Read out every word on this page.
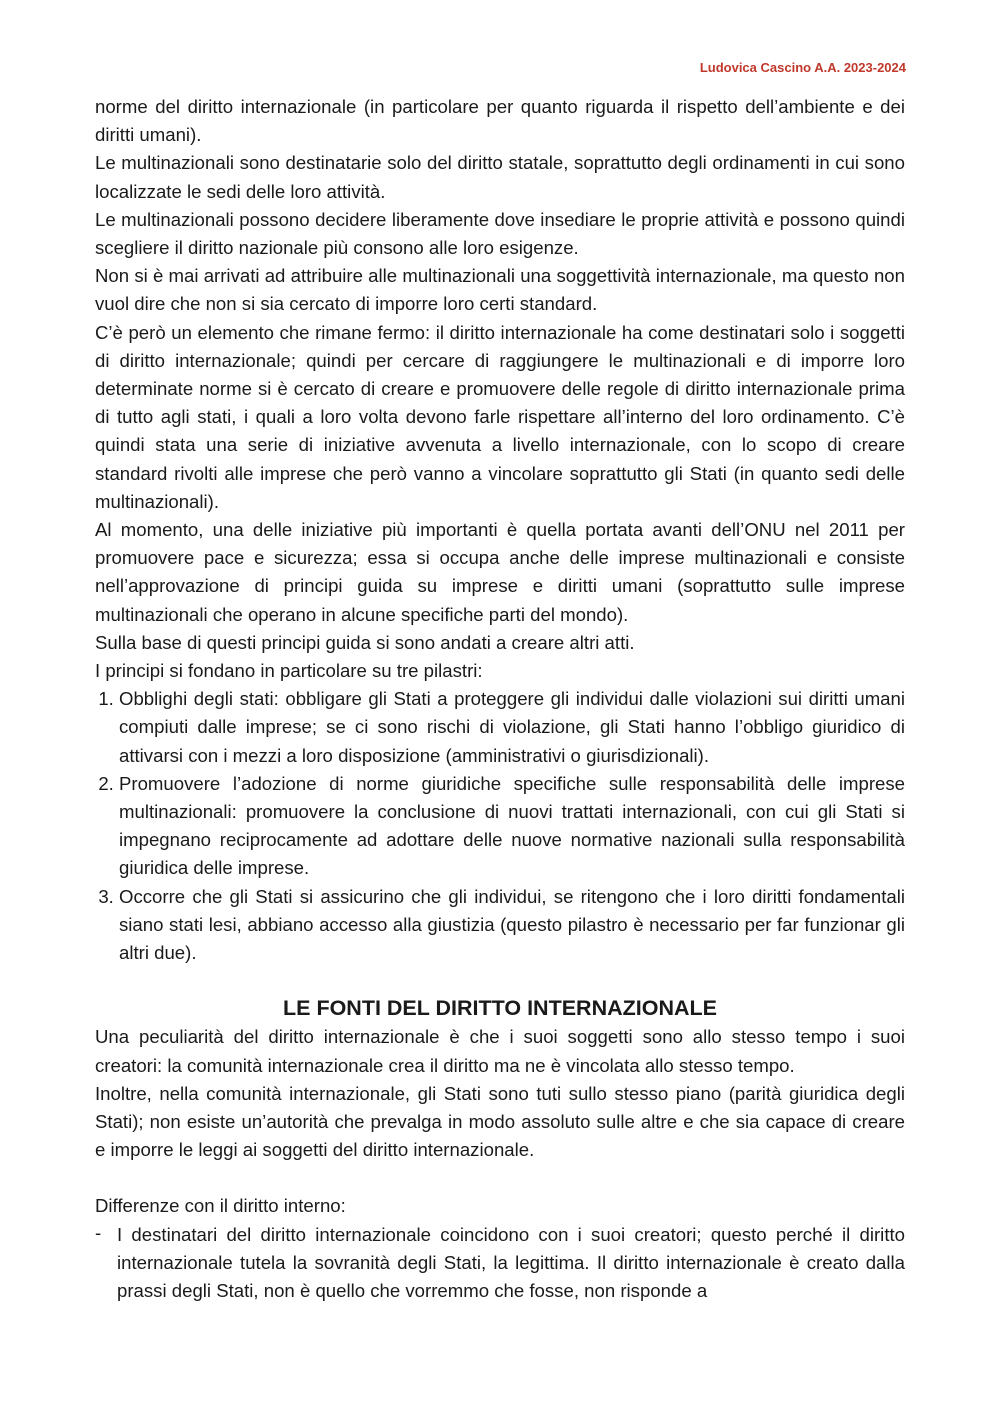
Ludovica Cascino A.A. 2023-2024

norme del diritto internazionale (in particolare per quanto riguarda il rispetto dell’ambiente e dei diritti umani).

Le multinazionali sono destinatarie solo del diritto statale, soprattutto degli ordinamenti in cui sono localizzate le sedi delle loro attività.

Le multinazionali possono decidere liberamente dove insediare le proprie attività e possono quindi scegliere il diritto nazionale più consono alle loro esigenze.

Non si è mai arrivati ad attribuire alle multinazionali una soggettività internazionale, ma questo non vuol dire che non si sia cercato di imporre loro certi standard.

C’è però un elemento che rimane fermo: il diritto internazionale ha come destinatari solo i soggetti di diritto internazionale; quindi per cercare di raggiungere le multinazionali e di imporre loro determinate norme si è cercato di creare e promuovere delle regole di diritto internazionale prima di tutto agli stati, i quali a loro volta devono farle rispettare all’interno del loro ordinamento. C’è quindi stata una serie di iniziative avvenuta a livello internazionale, con lo scopo di creare standard rivolti alle imprese che però vanno a vincolare soprattutto gli Stati (in quanto sedi delle multinazionali).

Al momento, una delle iniziative più importanti è quella portata avanti dell’ONU nel 2011 per promuovere pace e sicurezza; essa si occupa anche delle imprese multinazionali e consiste nell’approvazione di principi guida su imprese e diritti umani (soprattutto sulle imprese multinazionali che operano in alcune specifiche parti del mondo).

Sulla base di questi principi guida si sono andati a creare altri atti.

I principi si fondano in particolare su tre pilastri:

1. Obblighi degli stati: obbligare gli Stati a proteggere gli individui dalle violazioni sui diritti umani compiuti dalle imprese; se ci sono rischi di violazione, gli Stati hanno l’obbligo giuridico di attivarsi con i mezzi a loro disposizione (amministrativi o giurisdizionali).
2. Promuovere l’adozione di norme giuridiche specifiche sulle responsabilità delle imprese multinazionali: promuovere la conclusione di nuovi trattati internazionali, con cui gli Stati si impegnano reciprocamente ad adottare delle nuove normative nazionali sulla responsabilità giuridica delle imprese.
3. Occorre che gli Stati si assicurino che gli individui, se ritengono che i loro diritti fondamentali siano stati lesi, abbiano accesso alla giustizia (questo pilastro è necessario per far funzionar gli altri due).
LE FONTI DEL DIRITTO INTERNAZIONALE

Una peculiarità del diritto internazionale è che i suoi soggetti sono allo stesso tempo i suoi creatori: la comunità internazionale crea il diritto ma ne è vincolata allo stesso tempo.

Inoltre, nella comunità internazionale, gli Stati sono tuti sullo stesso piano (parità giuridica degli Stati); non esiste un’autorità che prevalga in modo assoluto sulle altre e che sia capace di creare e imporre le leggi ai soggetti del diritto internazionale.

Differenze con il diritto interno:

- I destinatari del diritto internazionale coincidono con i suoi creatori; questo perché il diritto internazionale tutela la sovranità degli Stati, la legittima. Il diritto internazionale è creato dalla prassi degli Stati, non è quello che vorremmo che fosse, non risponde a
